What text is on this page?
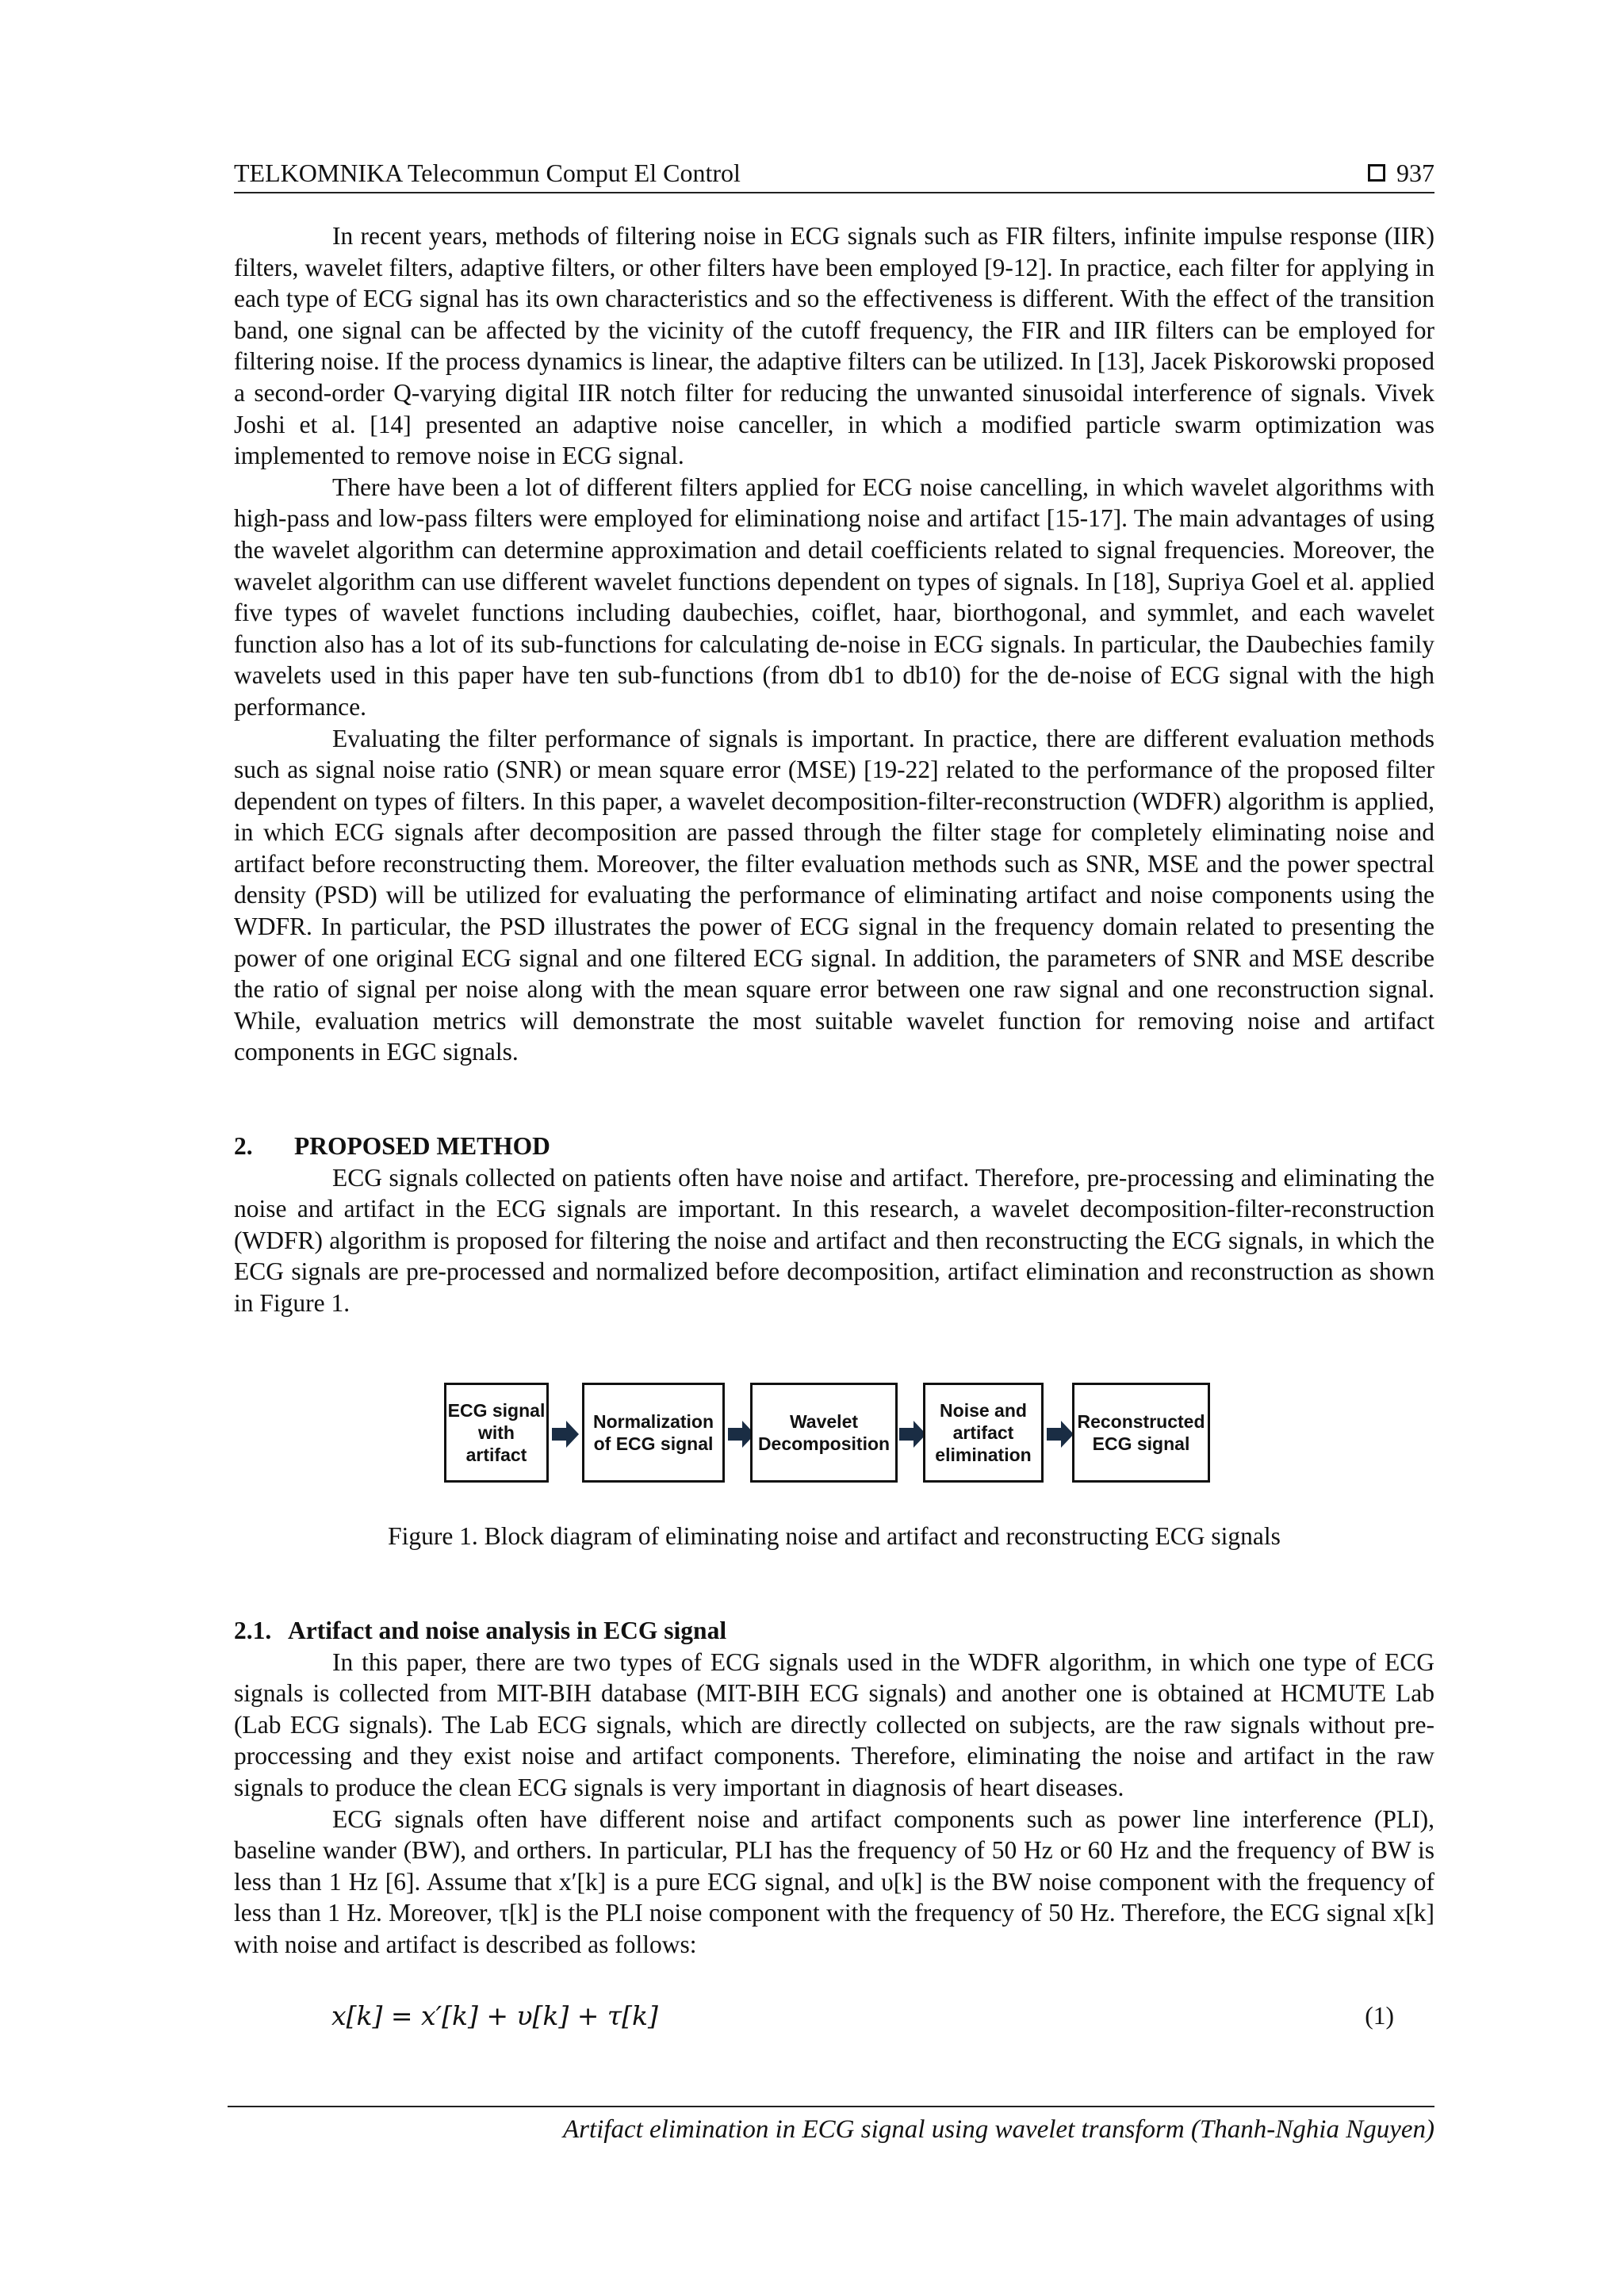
TELKOMNIKA Telecommun Comput El Control	937

In recent years, methods of filtering noise in ECG signals such as FIR filters, infinite impulse response (IIR) filters, wavelet filters, adaptive filters, or other filters have been employed [9-12]. In practice, each filter for applying in each type of ECG signal has its own characteristics and so the effectiveness is different. With the effect of the transition band, one signal can be affected by the vicinity of the cutoff frequency, the FIR and IIR filters can be employed for filtering noise. If the process dynamics is linear, the adaptive filters can be utilized. In [13], Jacek Piskorowski proposed a second-order Q-varying digital IIR notch filter for reducing the unwanted sinusoidal interference of signals. Vivek Joshi et al. [14] presented an adaptive noise canceller, in which a modified particle swarm optimization was implemented to remove noise in ECG signal.

There have been a lot of different filters applied for ECG noise cancelling, in which wavelet algorithms with high-pass and low-pass filters were employed for eliminationg noise and artifact [15-17]. The main advantages of using the wavelet algorithm can determine approximation and detail coefficients related to signal frequencies. Moreover, the wavelet algorithm can use different wavelet functions dependent on types of signals. In [18], Supriya Goel et al. applied five types of wavelet functions including daubechies, coiflet, haar, biorthogonal, and symmlet, and each wavelet function also has a lot of its sub-functions for calculating de-noise in ECG signals. In particular, the Daubechies family wavelets used in this paper have ten sub-functions (from db1 to db10) for the de-noise of ECG signal with the high performance.

Evaluating the filter performance of signals is important. In practice, there are different evaluation methods such as signal noise ratio (SNR) or mean square error (MSE) [19-22] related to the performance of the proposed filter dependent on types of filters. In this paper, a wavelet decomposition-filter-reconstruction (WDFR) algorithm is applied, in which ECG signals after decomposition are passed through the filter stage for completely eliminating noise and artifact before reconstructing them. Moreover, the filter evaluation methods such as SNR, MSE and the power spectral density (PSD) will be utilized for evaluating the performance of eliminating artifact and noise components using the WDFR. In particular, the PSD illustrates the power of ECG signal in the frequency domain related to presenting the power of one original ECG signal and one filtered ECG signal. In addition, the parameters of SNR and MSE describe the ratio of signal per noise along with the mean square error between one raw signal and one reconstruction signal. While, evaluation metrics will demonstrate the most suitable wavelet function for removing noise and artifact components in EGC signals.

2. PROPOSED METHOD

ECG signals collected on patients often have noise and artifact. Therefore, pre-processing and eliminating the noise and artifact in the ECG signals are important. In this research, a wavelet decomposition-filter-reconstruction (WDFR) algorithm is proposed for filtering the noise and artifact and then reconstructing the ECG signals, in which the ECG signals are pre-processed and normalized before decomposition, artifact elimination and reconstruction as shown in Figure 1.

ECG signal
with
artifact
Normalization
of ECG signal
Wavelet
Decomposition
Noise and
artifact
elimination
Reconstructed
ECG signal
Figure 1. Block diagram of eliminating noise and artifact and reconstructing ECG signals
2.1. Artifact and noise analysis in ECG signal

In this paper, there are two types of ECG signals used in the WDFR algorithm, in which one type of ECG signals is collected from MIT-BIH database (MIT-BIH ECG signals) and another one is obtained at HCMUTE Lab (Lab ECG signals). The Lab ECG signals, which are directly collected on subjects, are the raw signals without pre-proccessing and they exist noise and artifact components. Therefore, eliminating the noise and artifact in the raw signals to produce the clean ECG signals is very important in diagnosis of heart diseases.

ECG signals often have different noise and artifact components such as power line interference (PLI), baseline wander (BW), and orthers. In particular, PLI has the frequency of 50 Hz or 60 Hz and the frequency of BW is less than 1 Hz [6]. Assume that x′[k] is a pure ECG signal, and υ[k] is the BW noise component with the frequency of less than 1 Hz. Moreover, τ[k] is the PLI noise component with the frequency of 50 Hz. Therefore, the ECG signal x[k] with noise and artifact is described as follows:

x[k] = x′[k] + υ[k] + τ[k]	(1)
Artifact elimination in ECG signal using wavelet transform (Thanh-Nghia Nguyen)
